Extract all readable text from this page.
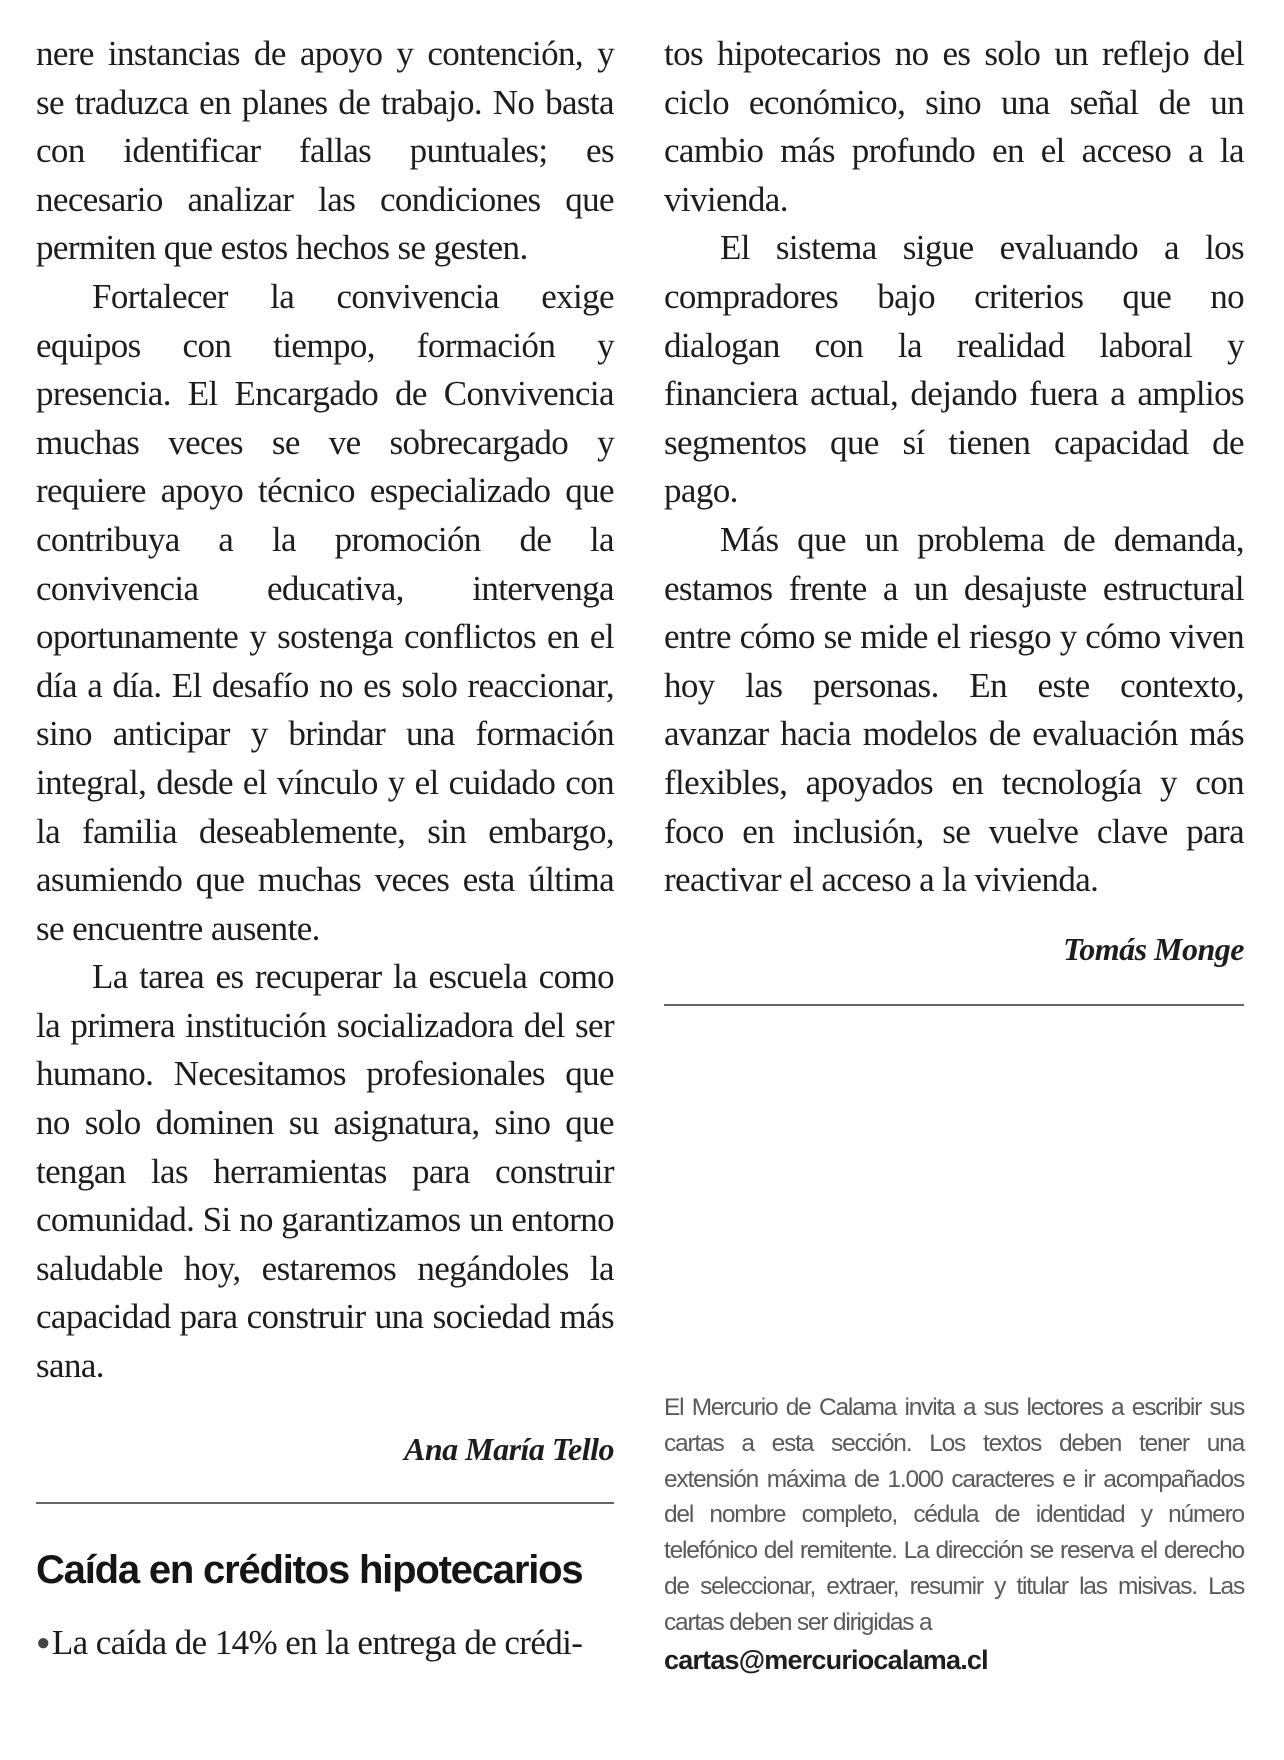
nere instancias de apoyo y contención, y se traduzca en planes de trabajo. No basta con identificar fallas puntuales; es necesario analizar las condiciones que permiten que estos hechos se gesten.

Fortalecer la convivencia exige equipos con tiempo, formación y presencia. El Encargado de Convivencia muchas veces se ve sobrecargado y requiere apoyo técnico especializado que contribuya a la promoción de la convivencia educativa, intervenga oportunamente y sostenga conflictos en el día a día. El desafío no es solo reaccionar, sino anticipar y brindar una formación integral, desde el vínculo y el cuidado con la familia deseablemente, sin embargo, asumiendo que muchas veces esta última se encuentre ausente.

La tarea es recuperar la escuela como la primera institución socializadora del ser humano. Necesitamos profesionales que no solo dominen su asignatura, sino que tengan las herramientas para construir comunidad. Si no garantizamos un entorno saludable hoy, estaremos negándoles la capacidad para construir una sociedad más sana.

Ana María Tello
Caída en créditos hipotecarios

●La caída de 14% en la entrega de crédi-

tos hipotecarios no es solo un reflejo del ciclo económico, sino una señal de un cambio más profundo en el acceso a la vivienda.

El sistema sigue evaluando a los compradores bajo criterios que no dialogan con la realidad laboral y financiera actual, dejando fuera a amplios segmentos que sí tienen capacidad de pago.

Más que un problema de demanda, estamos frente a un desajuste estructural entre cómo se mide el riesgo y cómo viven hoy las personas. En este contexto, avanzar hacia modelos de evaluación más flexibles, apoyados en tecnología y con foco en inclusión, se vuelve clave para reactivar el acceso a la vivienda.

Tomás Monge
El Mercurio de Calama invita a sus lectores a escribir sus cartas a esta sección. Los textos deben tener una extensión máxima de 1.000 caracteres e ir acompañados del nombre completo, cédula de identidad y número telefónico del remitente. La dirección se reserva el derecho de seleccionar, extraer, resumir y titular las misivas. Las cartas deben ser dirigidas a
cartas@mercuriocalama.cl
